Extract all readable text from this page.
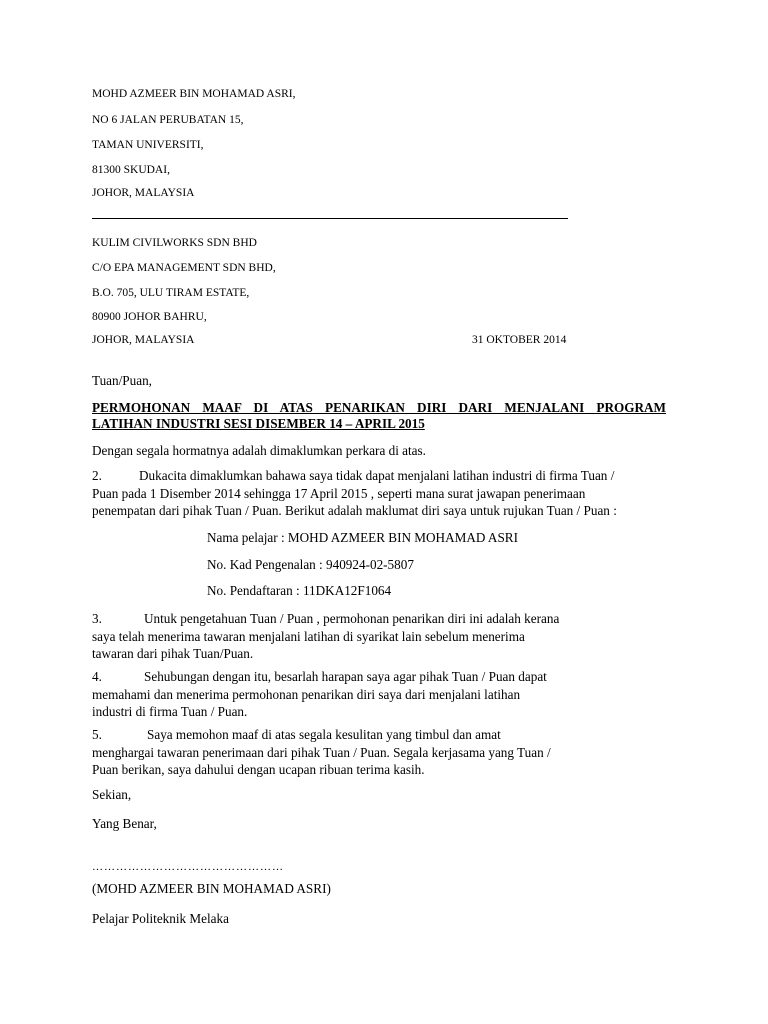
MOHD AZMEER BIN MOHAMAD ASRI,
NO 6 JALAN PERUBATAN 15,
TAMAN UNIVERSITI,
81300 SKUDAI,
JOHOR, MALAYSIA
KULIM CIVILWORKS SDN BHD
C/O EPA MANAGEMENT SDN BHD,
B.O. 705, ULU TIRAM ESTATE,
80900 JOHOR BAHRU,
JOHOR, MALAYSIA	31 OKTOBER 2014
Tuan/Puan,
PERMOHONAN MAAF DI ATAS PENARIKAN DIRI DARI MENJALANI PROGRAM
LATIHAN INDUSTRI SESI DISEMBER 14 – APRIL 2015
Dengan segala hormatnya adalah dimaklumkan perkara di atas.
2.	Dukacita dimaklumkan bahawa saya tidak dapat menjalani latihan industri di firma Tuan /
Puan pada 1 Disember 2014 sehingga 17 April 2015 , seperti mana surat jawapan penerimaan
penempatan dari pihak Tuan / Puan. Berikut adalah maklumat diri saya untuk rujukan Tuan / Puan :
Nama pelajar : MOHD AZMEER BIN MOHAMAD ASRI
No. Kad Pengenalan : 940924-02-5807
No. Pendaftaran : 11DKA12F1064
3.	Untuk pengetahuan Tuan / Puan , permohonan penarikan diri ini adalah kerana
saya telah menerima tawaran menjalani latihan di syarikat lain sebelum menerima
tawaran dari pihak Tuan/Puan.
4.	Sehubungan dengan itu, besarlah harapan saya agar pihak Tuan / Puan dapat
memahami dan menerima permohonan penarikan diri saya dari menjalani latihan
industri di firma Tuan / Puan.
5.	Saya memohon maaf di atas segala kesulitan yang timbul dan amat
menghargai tawaran penerimaan dari pihak Tuan / Puan. Segala kerjasama yang Tuan /
Puan berikan, saya dahului dengan ucapan ribuan terima kasih.
Sekian,
Yang Benar,
…………………………………………
(MOHD AZMEER BIN MOHAMAD ASRI)
Pelajar Politeknik Melaka
